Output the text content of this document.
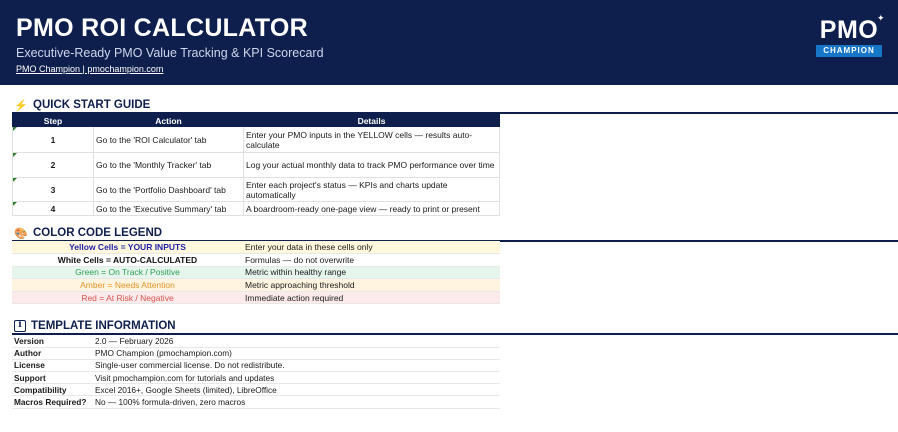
PMO ROI CALCULATOR
Executive-Ready PMO Value Tracking & KPI Scorecard
PMO Champion | pmochampion.com
PMO
✦
CHAMPION
⚡ QUICK START GUIDE
Step	Action	Details

1	Go to the 'ROI Calculator' tab	Enter your PMO inputs in the YELLOW cells — results auto-calculate

2	Go to the 'Monthly Tracker' tab	Log your actual monthly data to track PMO performance over time

3	Go to the 'Portfolio Dashboard' tab	Enter each project's status — KPIs and charts update automatically

4	Go to the 'Executive Summary' tab	A boardroom-ready one-page view — ready to print or present
🎨 COLOR CODE LEGEND
Yellow Cells = YOUR INPUTS	Enter your data in these cells only
White Cells = AUTO-CALCULATED	Formulas — do not overwrite
Green = On Track / Positive	Metric within healthy range
Amber = Needs Attention	Metric approaching threshold
Red = At Risk / Negative	Immediate action required
i TEMPLATE INFORMATION
Version	2.0 — February 2026
Author	PMO Champion (pmochampion.com)
License	Single-user commercial license. Do not redistribute.
Support	Visit pmochampion.com for tutorials and updates
Compatibility	Excel 2016+, Google Sheets (limited), LibreOffice
Macros Required?	No — 100% formula-driven, zero macros
